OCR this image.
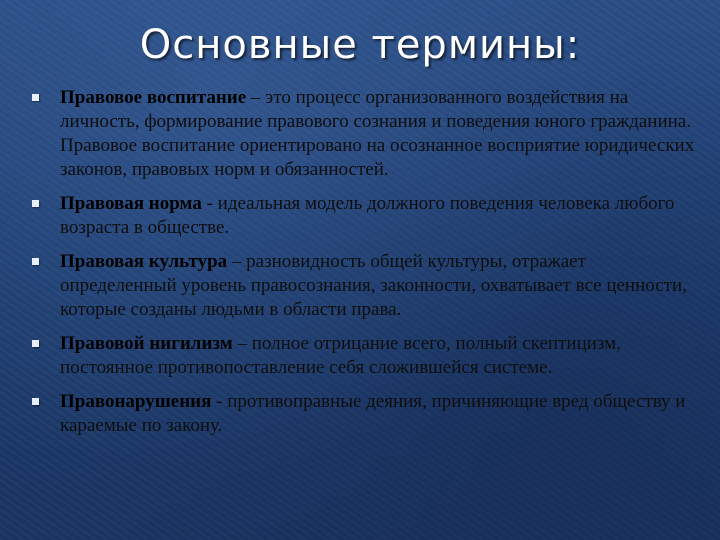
Основные термины:
Правовое воспитание – это процесс организованного воздействия на личность, формирование правового сознания и поведения юного гражданина. Правовое воспитание ориентировано на осознанное восприятие юридических законов, правовых норм и обязанностей.
Правовая норма - идеальная модель должного поведения человека любого возраста в обществе.
Правовая культура – разновидность общей культуры, отражает определенный уровень правосознания, законности, охватывает все ценности, которые созданы людьми в области права.
Правовой нигилизм – полное отрицание всего, полный скептицизм, постоянное противопоставление себя сложившейся системе.
Правонарушения - противоправные деяния, причиняющие вред обществу и караемые по закону.
